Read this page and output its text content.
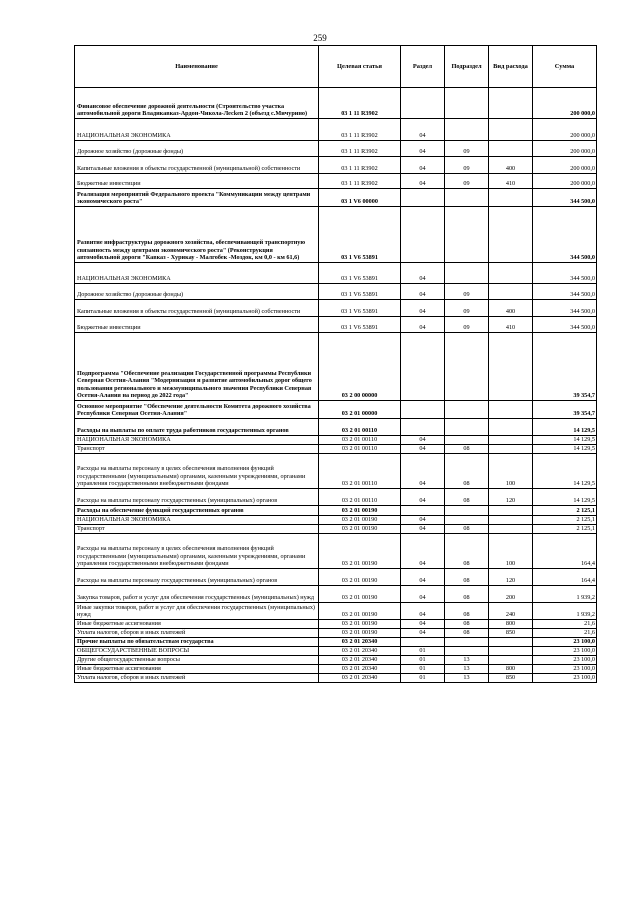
259
Наименование	Целевая статья	Раздел	Подраздел	Вид расхода	Сумма
Финансовое обеспечение дорожной деятельности (Строительство участка автомобильной дороги Владикавказ-Ардон-Чикола-Лесken 2 (объезд с.Мичурино)	03 1 11 R3902				200 000,0
НАЦИОНАЛЬНАЯ ЭКОНОМИКА	03 1 11 R3902	04			200 000,0
Дорожное хозяйство (дорожные фонды)	03 1 11 R3902	04	09		200 000,0
Капитальные вложения в объекты государственной (муниципальной) собственности	03 1 11 R3902	04	09	400	200 000,0
Бюджетные инвестиции	03 1 11 R3902	04	09	410	200 000,0
Реализация мероприятий Федерального проекта "Коммуникации между центрами экономического роста"	03 1 V6 00000				344 500,0
Развитие инфраструктуры дорожного хозяйства, обеспечивающей транспортную связанность между центрами экономического роста" (Реконструкция автомобильной дороги "Кавказ - Хурикау - Малгобек -Моздок, км 0,0 - км 61,6)	03 1 V6 53891				344 500,0
НАЦИОНАЛЬНАЯ ЭКОНОМИКА	03 1 V6 53891	04			344 500,0
Дорожное хозяйство (дорожные фонды)	03 1 V6 53891	04	09		344 500,0
Капитальные вложения в объекты государственной (муниципальной) собственности	03 1 V6 53891	04	09	400	344 500,0
Бюджетные инвестиции	03 1 V6 53891	04	09	410	344 500,0
Подпрограмма "Обеспечение реализации Государственной программы Республики Северная Осетия-Алания "Модернизация и развитие автомобильных дорог общего пользования регионального и межмуниципального значения Республики Северная Осетия-Алания на период до 2022 года"	03 2 00 00000				39 354,7
Основное мероприятие "Обеспечение деятельности Комитета дорожного хозяйства Республики Северная Осетия-Алания"	03 2 01 00000				39 354,7
Расходы на выплаты по оплате труда работников государственных органов	03 2 01 00110				14 129,5
НАЦИОНАЛЬНАЯ ЭКОНОМИКА	03 2 01 00110	04			14 129,5
Транспорт	03 2 01 00110	04	08		14 129,5
Расходы на выплаты персоналу в целях обеспечения выполнения функций государственными (муниципальными) органами, казенными учреждениями, органами управления государственными внебюджетными фондами	03 2 01 00110	04	08	100	14 129,5
Расходы на выплаты персоналу государственных (муниципальных) органов	03 2 01 00110	04	08	120	14 129,5
Расходы на обеспечение функций государственных органов	03 2 01 00190				2 125,1
НАЦИОНАЛЬНАЯ ЭКОНОМИКА	03 2 01 00190	04			2 125,1
Транспорт	03 2 01 00190	04	08		2 125,1
Расходы на выплаты персоналу в целях обеспечения выполнения функций государственными (муниципальными) органами, казенными учреждениями, органами управления государственными внебюджетными фондами	03 2 01 00190	04	08	100	164,4
Расходы на выплаты персоналу государственных (муниципальных) органов	03 2 01 00190	04	08	120	164,4
Закупка товаров, работ и услуг для обеспечения государственных (муниципальных) нужд	03 2 01 00190	04	08	200	1 939,2
Иные закупки товаров, работ и услуг для обеспечения государственных (муниципальных) нужд	03 2 01 00190	04	08	240	1 939,2
Иные бюджетные ассигнования	03 2 01 00190	04	08	800	21,6
Уплата налогов, сборов и иных платежей	03 2 01 00190	04	08	850	21,6
Прочие выплаты по обязательствам государства	03 2 01 20340				23 100,0
ОБЩЕГОСУДАРСТВЕННЫЕ ВОПРОСЫ	03 2 01 20340	01			23 100,0
Другие общегосударственные вопросы	03 2 01 20340	01	13		23 100,0
Иные бюджетные ассигнования	03 2 01 20340	01	13	800	23 100,0
Уплата налогов, сборов и иных платежей	03 2 01 20340	01	13	850	23 100,0
